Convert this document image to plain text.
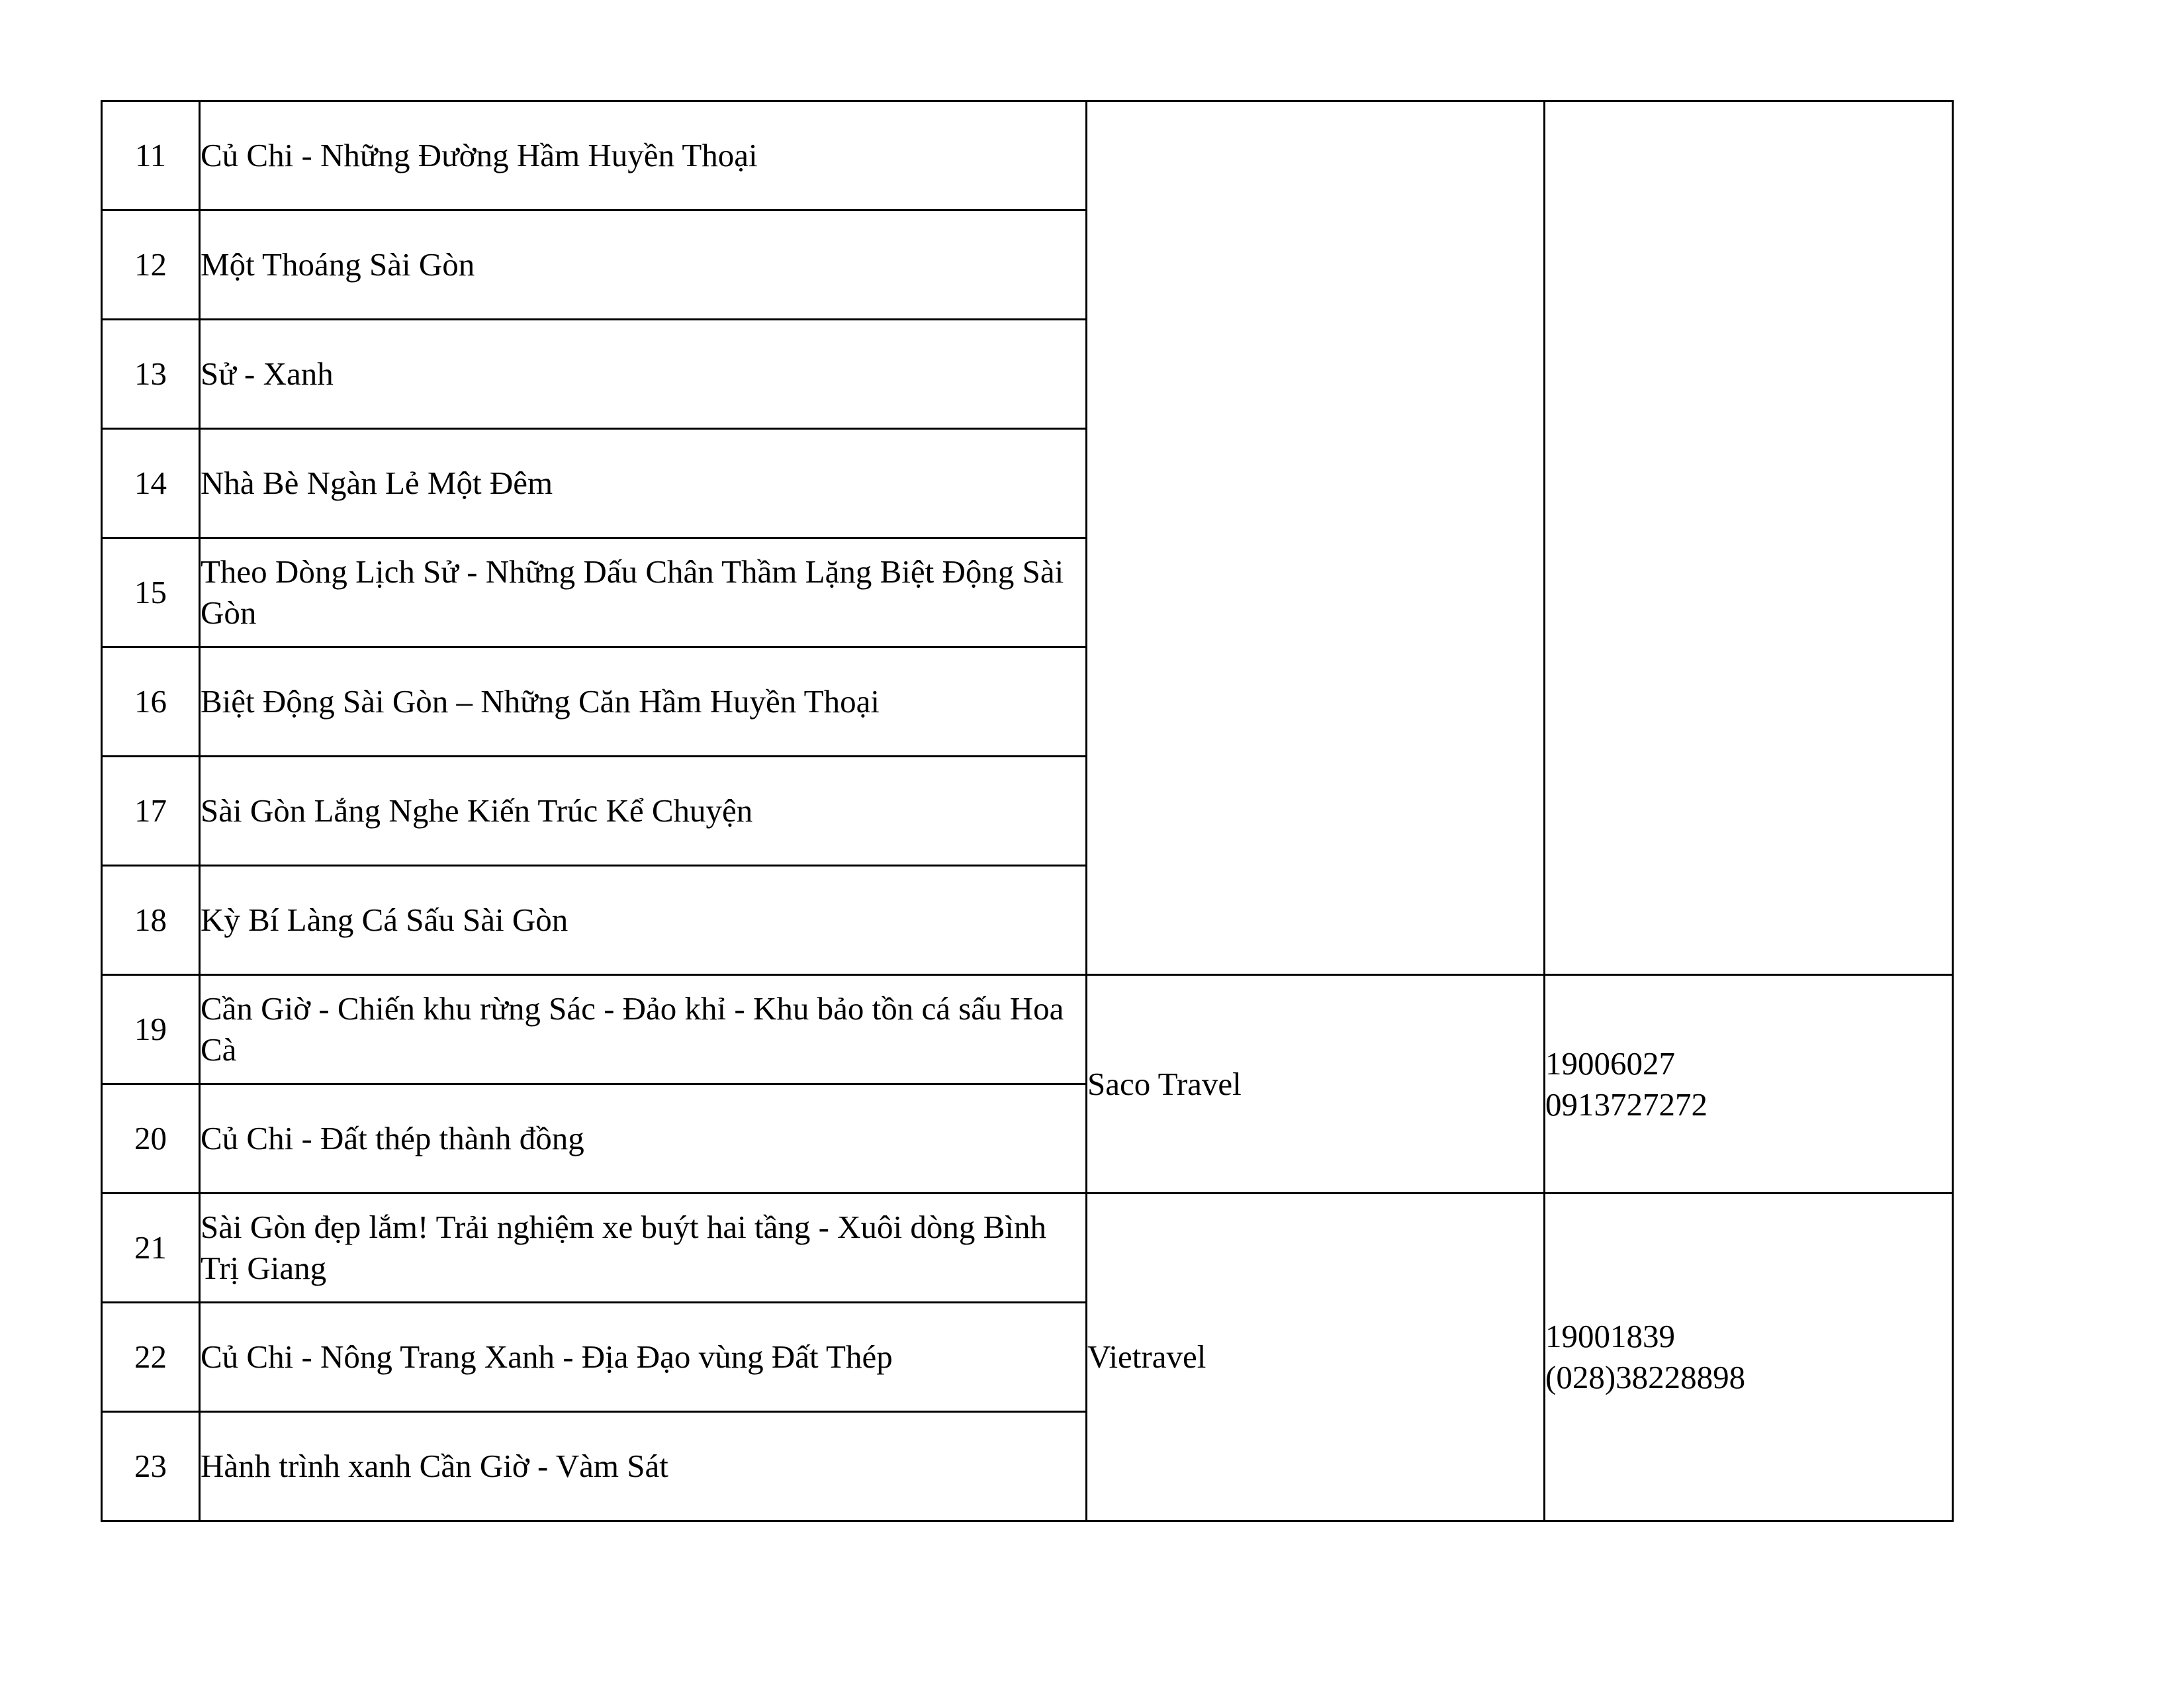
11	Củ Chi - Những Đường Hầm Huyền Thoại		
12	Một Thoáng Sài Gòn		
13	Sử - Xanh		
14	Nhà Bè Ngàn Lẻ Một Đêm		
15	Theo Dòng Lịch Sử - Những Dấu Chân Thầm Lặng Biệt Động Sài Gòn		
16	Biệt Động Sài Gòn – Những Căn Hầm Huyền Thoại		
17	Sài Gòn Lắng Nghe Kiến Trúc Kể Chuyện		
18	Kỳ Bí Làng Cá Sấu Sài Gòn		
19	Cần Giờ - Chiến khu rừng Sác - Đảo khỉ - Khu bảo tồn cá sấu Hoa Cà	Saco Travel	19006027
0913727272

20	Củ Chi - Đất thép thành đồng		
21	Sài Gòn đẹp lắm! Trải nghiệm xe buýt hai tầng - Xuôi dòng Bình Trị Giang	Vietravel	19001839
(028)38228898

22	Củ Chi - Nông Trang Xanh - Địa Đạo vùng Đất Thép		
23	Hành trình xanh Cần Giờ - Vàm Sát		
